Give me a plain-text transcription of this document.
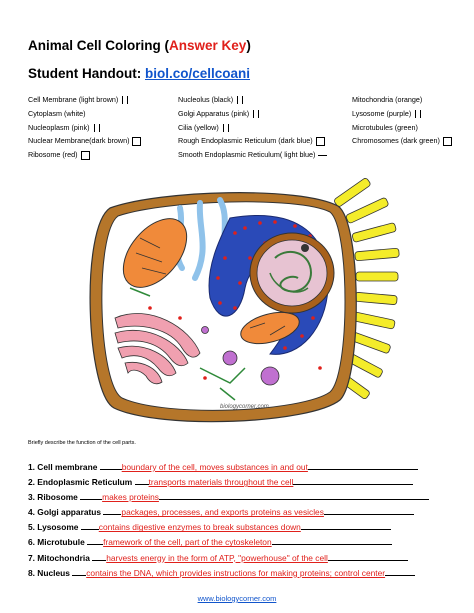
Animal Cell Coloring (Answer Key)
Student Handout: biol.co/cellcoani
Cell Membrane (light brown)
Cytoplasm (white)
Nucleoplasm (pink)
Nuclear Membrane(dark brown)
Ribosome (red)
Nucleolus (black)
Golgi Apparatus (pink)
Cilia (yellow)
Rough Endoplasmic Reticulum (dark blue)
Smooth Endoplasmic Reticulum( light blue)
Mitochondria (orange)
Lysosome (purple)
Microtubules (green)
Chromosomes (dark green)
biologycorner.com
Briefly describe the function of the cell parts.
1. Cell membrane	boundary of the cell, moves substances in and out
2. Endoplasmic Reticulum transports materials throughout the cell
3. Ribosome	makes proteins
4. Golgi apparatus packages, processes, and exports proteins as vesicles
5. Lysosome contains digestive enzymes to break substances down
6. Microtubule framework of the cell, part of the cytoskeleton
7. Mitochondria harvests energy in the form of ATP, "powerhouse" of the cell
8. Nucleus contains the DNA, which provides instructions for making proteins; control center
www.biologycorner.com
